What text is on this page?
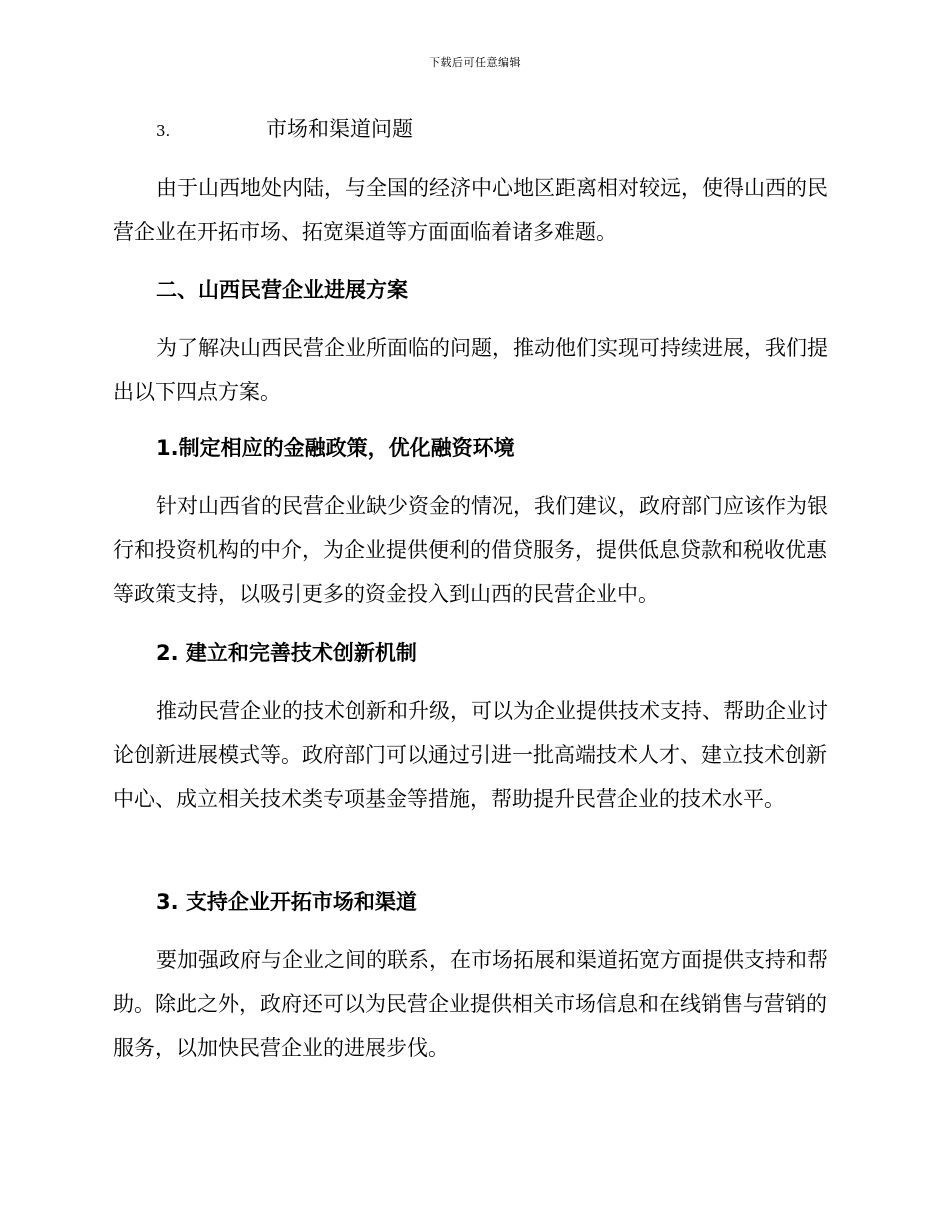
下载后可任意编辑
3.	市场和渠道问题
由于山西地处内陆，与全国的经济中心地区距离相对较远，使得山西的民营企业在开拓市场、拓宽渠道等方面面临着诸多难题。
二、山西民营企业进展方案
为了解决山西民营企业所面临的问题，推动他们实现可持续进展，我们提出以下四点方案。
1.制定相应的金融政策，优化融资环境
针对山西省的民营企业缺少资金的情况，我们建议，政府部门应该作为银行和投资机构的中介，为企业提供便利的借贷服务，提供低息贷款和税收优惠等政策支持，以吸引更多的资金投入到山西的民营企业中。
2. 建立和完善技术创新机制
推动民营企业的技术创新和升级，可以为企业提供技术支持、帮助企业讨论创新进展模式等。政府部门可以通过引进一批高端技术人才、建立技术创新中心、成立相关技术类专项基金等措施，帮助提升民营企业的技术水平。
3. 支持企业开拓市场和渠道
要加强政府与企业之间的联系，在市场拓展和渠道拓宽方面提供支持和帮助。除此之外，政府还可以为民营企业提供相关市场信息和在线销售与营销的服务，以加快民营企业的进展步伐。
